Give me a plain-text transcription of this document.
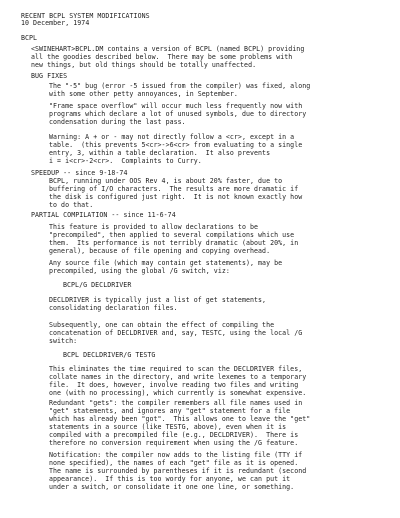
RECENT BCPL SYSTEM MODIFICATIONS
10 December, 1974
BCPL
<SWINEHART>BCPL.DM contains a version of BCPL (named BCPL) providing
all the goodies described below.  There may be some problems with
new things, but old things should be totally unaffected.
BUG FIXES
The "-5" bug (error -5 issued from the compiler) was fixed, along
with some other petty annoyances, in September.
"Frame space overflow" will occur much less frequently now with
programs which declare a lot of unused symbols, due to directory
condensation during the last pass.
Warning: A + or - may not directly follow a <cr>, except in a
table.  (this prevents 5<cr>->6<cr> from evaluating to a single
entry, 3, within a table declaration.  It also prevents
i = i<cr>-2<cr>.  Complaints to Curry.
SPEEDUP -- since 9-18-74
BCPL, running under OOS Rev 4, is about 20% faster, due to
buffering of I/O characters.  The results are more dramatic if
the disk is configured just right.  It is not known exactly how
to do that.
PARTIAL COMPILATION -- since 11-6-74
This feature is provided to allow declarations to be
"precompiled", then applied to several compilations which use
them.  Its performance is not terribly dramatic (about 20%, in
general), because of file opening and copying overhead.
Any source file (which may contain get statements), may be
precompiled, using the global /G switch, viz:
BCPL/G DECLDRIVER
DECLDRIVER is typically just a list of get statements,
consolidating declaration files.
Subsequently, one can obtain the effect of compiling the
concatenation of DECLDRIVER and, say, TESTC, using the local /G
switch:
BCPL DECLDRIVER/G TESTG
This eliminates the time required to scan the DECLDRIVER files,
collate names in the directory, and write lexemes to a temporary
file.  It does, however, involve reading two files and writing
one (with no processing), which currently is somewhat expensive.
Redundant "gets": the compiler remembers all file names used in
"get" statements, and ignores any "get" statement for a file
which has already been "got".  This allows one to leave the "get"
statements in a source (like TESTG, above), even when it is
compiled with a precompiled file (e.g., DECLDRIVER).  There is
therefore no conversion requirement when using the /G feature.
Notification: the compiler now adds to the listing file (TTY if
none specified), the names of each "get" file as it is opened.
The name is surrounded by parentheses if it is redundant (second
appearance).  If this is too wordy for anyone, we can put it
under a switch, or consolidate it one one line, or something.
